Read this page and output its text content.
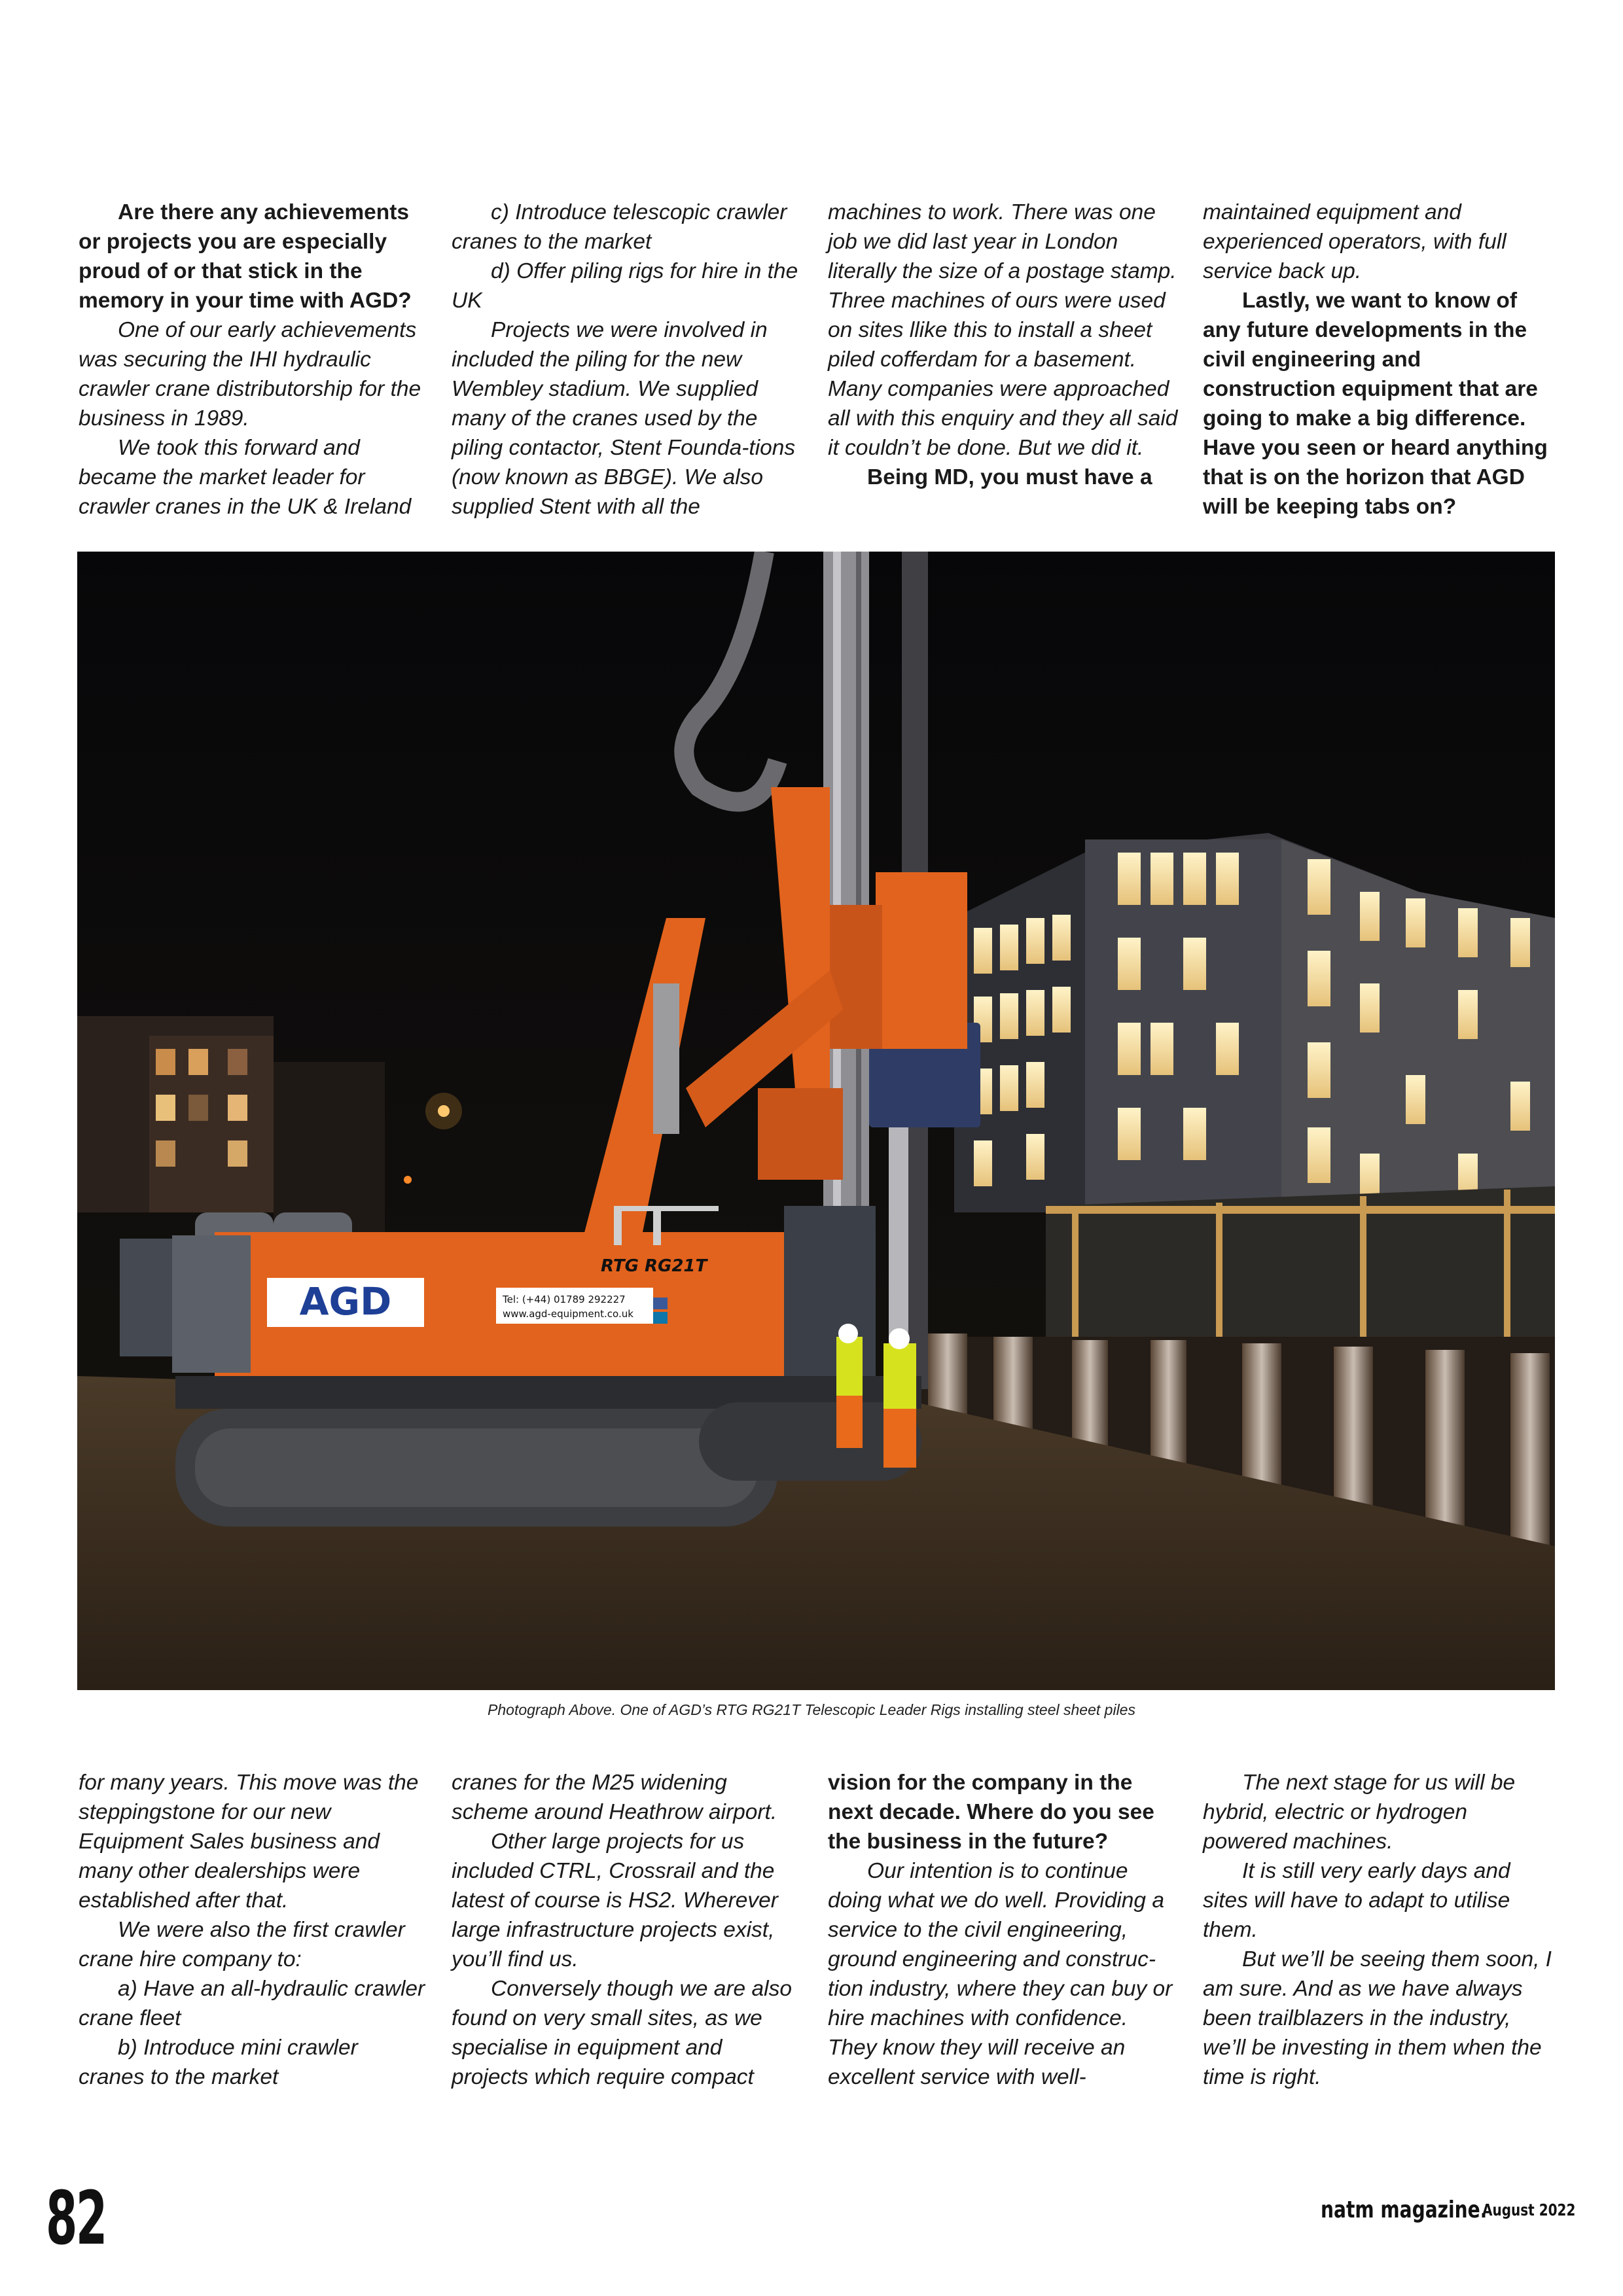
Are there any achievements or projects you are especially proud of or that stick in the memory in your time with AGD?

One of our early achievements was securing the IHI hydraulic crawler crane distributorship for the business in 1989.

We took this forward and became the market leader for crawler cranes in the UK & Ireland

c) Introduce telescopic crawler cranes to the market

d) Offer piling rigs for hire in the UK

Projects we were involved in included the piling for the new Wembley stadium. We supplied many of the cranes used by the piling contactor, Stent Founda-tions (now known as BBGE). We also supplied Stent with all the

machines to work. There was one job we did last year in London literally the size of a postage stamp. Three machines of ours were used on sites llike this to install a sheet piled cofferdam for a basement. Many companies were approached all with this enquiry and they all said it couldn’t be done. But we did it.

Being MD, you must have a

maintained equipment and experienced operators, with full service back up.

Lastly, we want to know of any future developments in the civil engineering and construction equipment that are going to make a big difference. Have you seen or heard anything that is on the horizon that AGD will be keeping tabs on?

AGD
RTG RG21T
Tel: (+44) 01789 292227
www.agd-equipment.co.uk
Photograph Above. One of AGD’s RTG RG21T Telescopic Leader Rigs installing steel sheet piles

for many years. This move was the steppingstone for our new Equipment Sales business and many other dealerships were established after that.

We were also the first crawler crane hire company to:

a) Have an all-hydraulic crawler crane fleet

b) Introduce mini crawler cranes to the market

cranes for the M25 widening scheme around Heathrow airport.

Other large projects for us included CTRL, Crossrail and the latest of course is HS2. Wherever large infrastructure projects exist, you’ll find us.

Conversely though we are also found on very small sites, as we specialise in equipment and projects which require compact

vision for the company in the next decade. Where do you see the business in the future?

Our intention is to continue doing what we do well. Providing a service to the civil engineering, ground engineering and construc-tion industry, where they can buy or hire machines with confidence. They know they will receive an excellent service with well-

The next stage for us will be hybrid, electric or hydrogen powered machines.

It is still very early days and sites will have to adapt to utilise them.

But we’ll be seeing them soon, I am sure. And as we have always been trailblazers in the industry, we’ll be investing in them when the time is right.

82	natm magazine.
August 2022
